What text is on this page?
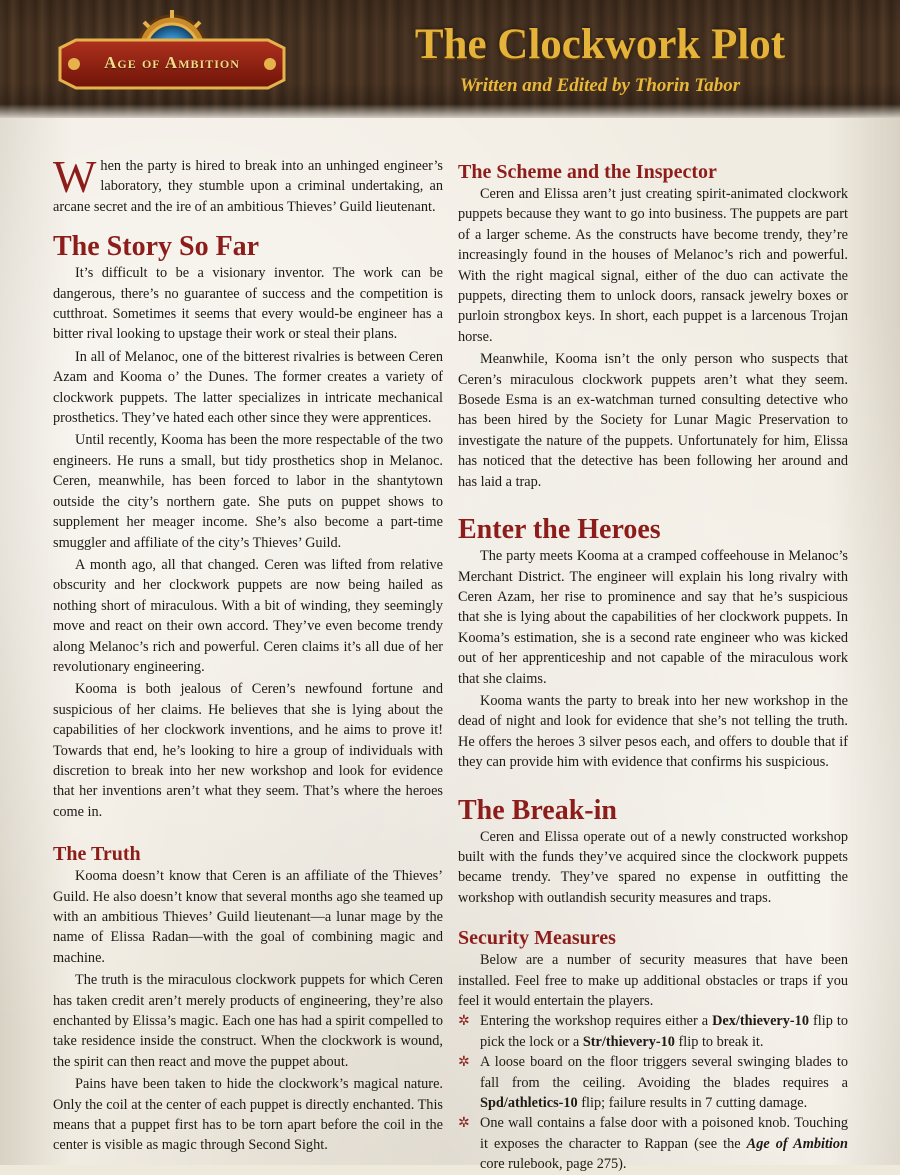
Age of Ambition	The Clockwork Plot
Written and Edited by Thorin Tabor

When the party is hired to break into an unhinged engineer’s laboratory, they stumble upon a criminal undertaking, an arcane secret and the ire of an ambitious Thieves’ Guild lieutenant.

The Story So Far

It’s difficult to be a visionary inventor. The work can be dangerous, there’s no guarantee of success and the competition is cutthroat. Sometimes it seems that every would-be engineer has a bitter rival looking to upstage their work or steal their plans.

In all of Melanoc, one of the bitterest rivalries is between Ceren Azam and Kooma o’ the Dunes. The former creates a variety of clockwork puppets. The latter specializes in intricate mechanical prosthetics. They’ve hated each other since they were apprentices.

Until recently, Kooma has been the more respectable of the two engineers. He runs a small, but tidy prosthetics shop in Melanoc. Ceren, meanwhile, has been forced to labor in the shantytown outside the city’s northern gate. She puts on puppet shows to supplement her meager income. She’s also become a part-time smuggler and affiliate of the city’s Thieves’ Guild.

A month ago, all that changed. Ceren was lifted from relative obscurity and her clockwork puppets are now being hailed as nothing short of miraculous. With a bit of winding, they seemingly move and react on their own accord. They’ve even become trendy along Melanoc’s rich and powerful. Ceren claims it’s all due of her revolutionary engineering.

Kooma is both jealous of Ceren’s newfound fortune and suspicious of her claims. He believes that she is lying about the capabilities of her clockwork inventions, and he aims to prove it! Towards that end, he’s looking to hire a group of individuals with discretion to break into her new workshop and look for evidence that her inventions aren’t what they seem. That’s where the heroes come in.

The Truth

Kooma doesn’t know that Ceren is an affiliate of the Thieves’ Guild. He also doesn’t know that several months ago she teamed up with an ambitious Thieves’ Guild lieutenant—a lunar mage by the name of Elissa Radan—with the goal of combining magic and machine.

The truth is the miraculous clockwork puppets for which Ceren has taken credit aren’t merely products of engineering, they’re also enchanted by Elissa’s magic. Each one has had a spirit compelled to take residence inside the construct. When the clockwork is wound, the spirit can then react and move the puppet about.

Pains have been taken to hide the clockwork’s magical nature. Only the coil at the center of each puppet is directly enchanted. This means that a puppet first has to be torn apart before the coil in the center is visible as magic through Second Sight.

The Scheme and the Inspector

Ceren and Elissa aren’t just creating spirit-animated clockwork puppets because they want to go into business. The puppets are part of a larger scheme. As the constructs have become trendy, they’re increasingly found in the houses of Melanoc’s rich and powerful. With the right magical signal, either of the duo can activate the puppets, directing them to unlock doors, ransack jewelry boxes or purloin strongbox keys. In short, each puppet is a larcenous Trojan horse.

Meanwhile, Kooma isn’t the only person who suspects that Ceren’s miraculous clockwork puppets aren’t what they seem. Bosede Esma is an ex-watchman turned consulting detective who has been hired by the Society for Lunar Magic Preservation to investigate the nature of the puppets. Unfortunately for him, Elissa has noticed that the detective has been following her around and has laid a trap.

Enter the Heroes

The party meets Kooma at a cramped coffeehouse in Melanoc’s Merchant District. The engineer will explain his long rivalry with Ceren Azam, her rise to prominence and say that he’s suspicious that she is lying about the capabilities of her clockwork puppets. In Kooma’s estimation, she is a second rate engineer who was kicked out of her apprenticeship and not capable of the miraculous work that she claims.

Kooma wants the party to break into her new workshop in the dead of night and look for evidence that she’s not telling the truth. He offers the heroes 3 silver pesos each, and offers to double that if they can provide him with evidence that confirms his suspicious.

The Break-in

Ceren and Elissa operate out of a newly constructed workshop built with the funds they’ve acquired since the clockwork puppets became trendy. They’ve spared no expense in outfitting the workshop with outlandish security measures and traps.

Security Measures

Below are a number of security measures that have been installed. Feel free to make up additional obstacles or traps if you feel it would entertain the players.

✲ Entering the workshop requires either a Dex/thievery-10 flip to pick the lock or a Str/thievery-10 flip to break it.
✲ A loose board on the floor triggers several swinging blades to fall from the ceiling. Avoiding the blades requires a Spd/athletics-10 flip; failure results in 7 cutting damage.
✲ One wall contains a false door with a poisoned knob. Touching it exposes the character to Rappan (see the Age of Ambition core rulebook, page 275).
